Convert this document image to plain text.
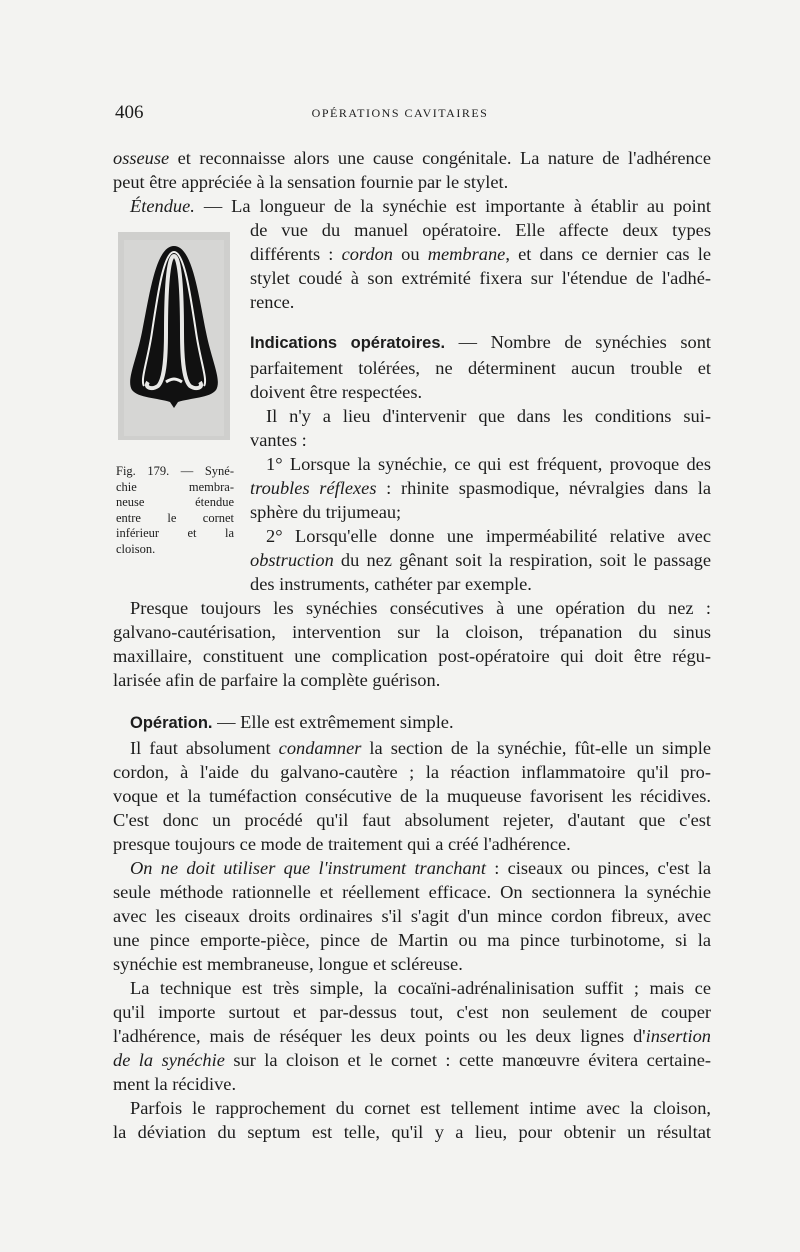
406	OPÉRATIONS CAVITAIRES
Fig. 179. — Syné-
chie membra-
neuse étendue
entre le cornet
inférieur et la
cloison.
osseuse et reconnaisse alors une cause congénitale. La nature de l'adhérence
peut être appréciée à la sensation fournie par le stylet.
Étendue. — La longueur de la synéchie est importante à établir au point
de vue du manuel opératoire. Elle affecte deux types
différents : cordon ou membrane, et dans ce dernier cas le
stylet coudé à son extrémité fixera sur l'étendue de l'adhé-
rence.
Indications opératoires. — Nombre de synéchies sont
parfaitement tolérées, ne déterminent aucun trouble et
doivent être respectées.
Il n'y a lieu d'intervenir que dans les conditions sui-
vantes :
1° Lorsque la synéchie, ce qui est fréquent, provoque des
troubles réflexes : rhinite spasmodique, névralgies dans la
sphère du trijumeau;
2° Lorsqu'elle donne une imperméabilité relative avec
obstruction du nez gênant soit la respiration, soit le passage
des instruments, cathéter par exemple.
Presque toujours les synéchies consécutives à une opération du nez :
galvano-cautérisation, intervention sur la cloison, trépanation du sinus
maxillaire, constituent une complication post-opératoire qui doit être régu-
larisée afin de parfaire la complète guérison.
Opération. — Elle est extrêmement simple.
Il faut absolument condamner la section de la synéchie, fût-elle un simple
cordon, à l'aide du galvano-cautère ; la réaction inflammatoire qu'il pro-
voque et la tuméfaction consécutive de la muqueuse favorisent les récidives.
C'est donc un procédé qu'il faut absolument rejeter, d'autant que c'est
presque toujours ce mode de traitement qui a créé l'adhérence.
On ne doit utiliser que l'instrument tranchant : ciseaux ou pinces, c'est la
seule méthode rationnelle et réellement efficace. On sectionnera la synéchie
avec les ciseaux droits ordinaires s'il s'agit d'un mince cordon fibreux, avec
une pince emporte-pièce, pince de Martin ou ma pince turbinotome, si la
synéchie est membraneuse, longue et scléreuse.
La technique est très simple, la cocaïni-adrénalinisation suffit ; mais ce
qu'il importe surtout et par-dessus tout, c'est non seulement de couper
l'adhérence, mais de réséquer les deux points ou les deux lignes d'insertion
de la synéchie sur la cloison et le cornet : cette manœuvre évitera certaine-
ment la récidive.
Parfois le rapprochement du cornet est tellement intime avec la cloison,
la déviation du septum est telle, qu'il y a lieu, pour obtenir un résultat
